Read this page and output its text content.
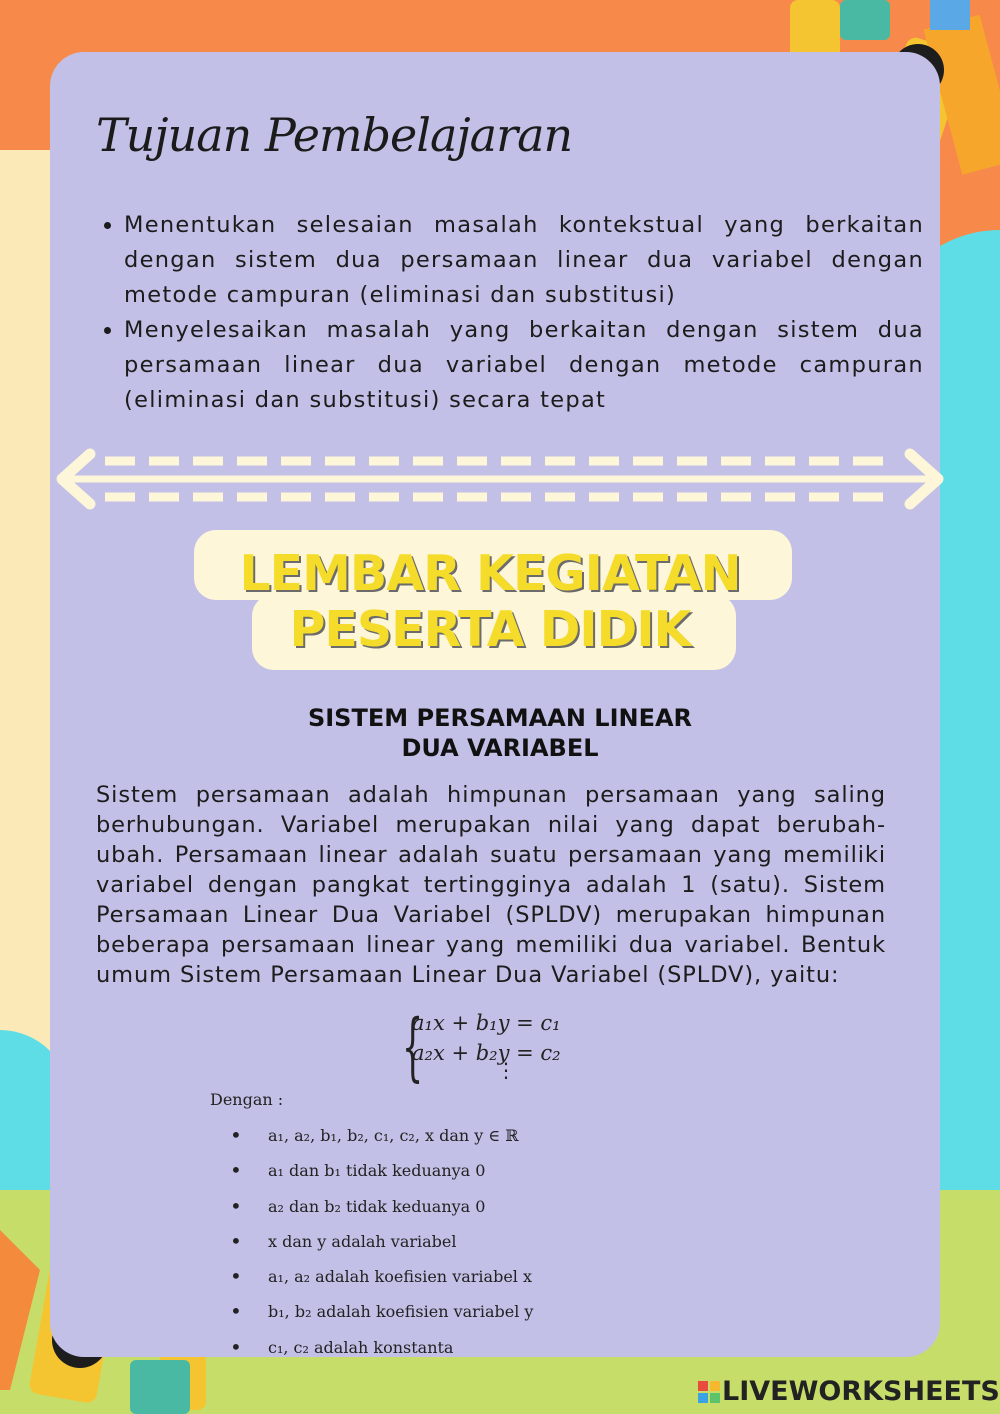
Tujuan Pembelajaran
• Menentukan selesaian masalah kontekstual yang berkaitan dengan sistem dua persamaan linear dua variabel dengan metode campuran (eliminasi dan substitusi)
• Menyelesaikan masalah yang berkaitan dengan sistem dua persamaan linear dua variabel dengan metode campuran (eliminasi dan substitusi) secara tepat
LEMBAR KEGIATAN
PESERTA DIDIK
SISTEM PERSAMAAN LINEAR
DUA VARIABEL

Sistem persamaan adalah himpunan persamaan yang saling berhubungan. Variabel merupakan nilai yang dapat berubah-ubah. Persamaan linear adalah suatu persamaan yang memiliki variabel dengan pangkat tertingginya adalah 1 (satu). Sistem Persamaan Linear Dua Variabel (SPLDV) merupakan himpunan beberapa persamaan linear yang memiliki dua variabel. Bentuk umum Sistem Persamaan Linear Dua Variabel (SPLDV), yaitu:

{
a₁x + b₁y = c₁
a₂x + b₂y = c₂
⋮
Dengan :
• a₁, a₂, b₁, b₂, c₁, c₂, x dan y ∈ ℝ
• a₁ dan b₁ tidak keduanya 0
• a₂ dan b₂ tidak keduanya 0
• x dan y adalah variabel
• a₁, a₂ adalah koefisien variabel x
• b₁, b₂ adalah koefisien variabel y
• c₁, c₂ adalah konstanta
LIVEWORKSHEETS
